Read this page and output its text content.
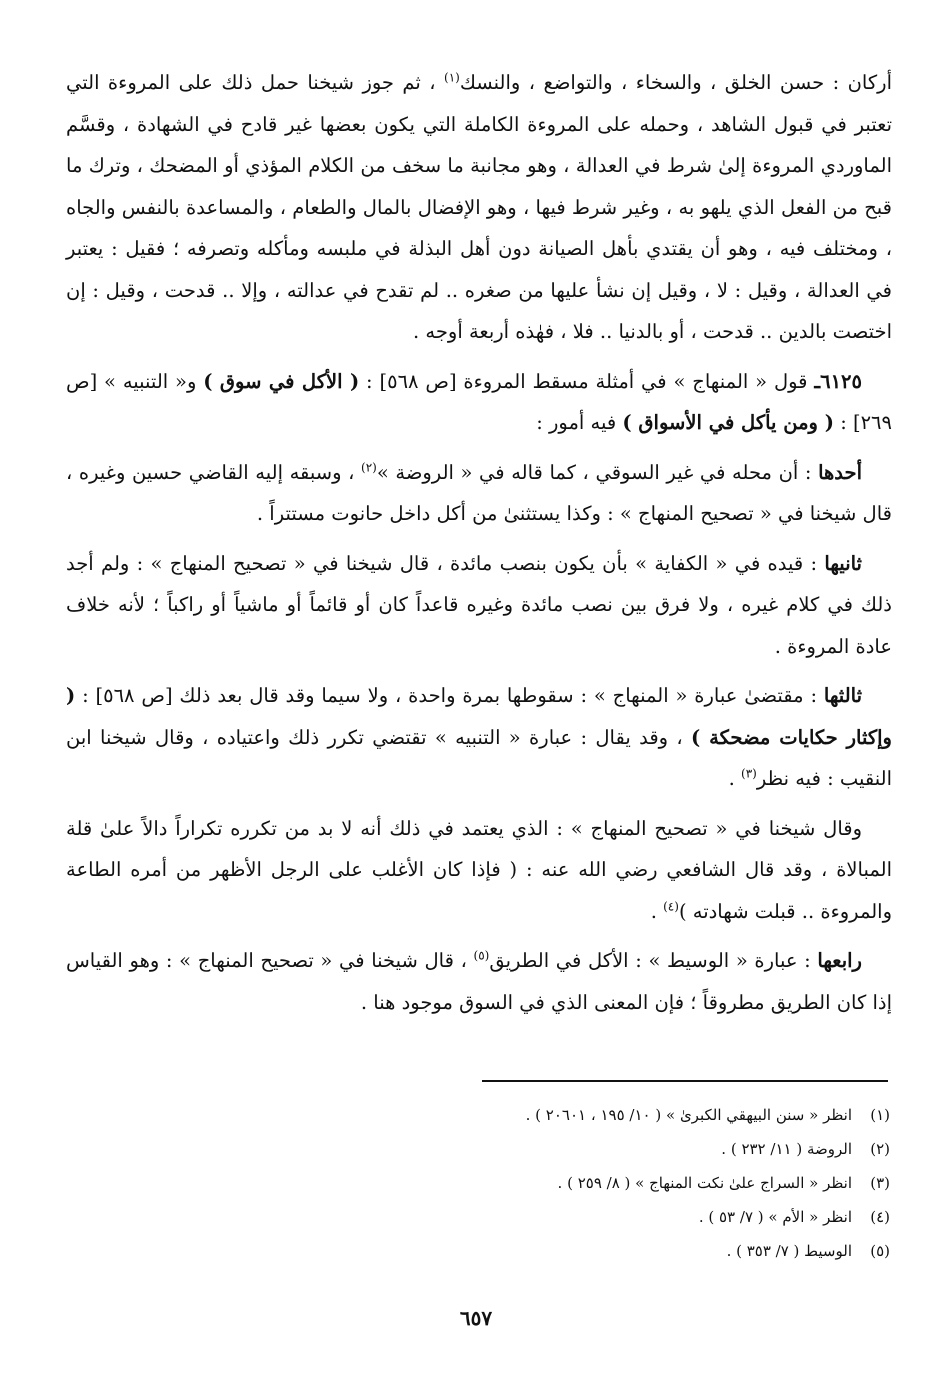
أركان : حسن الخلق ، والسخاء ، والتواضع ، والنسك$^{(١)}$ ، ثم جوز شيخنا حمل ذلك على المروءة التي تعتبر في قبول الشاهد ، وحمله على المروءة الكاملة التي يكون بعضها غير قادح في الشهادة ، وقسَّم الماوردي المروءة إلىٰ شرط في العدالة ، وهو مجانبة ما سخف من الكلام المؤذي أو المضحك ، وترك ما قبح من الفعل الذي يلهو به ، وغير شرط فيها ، وهو الإفضال بالمال والطعام ، والمساعدة بالنفس والجاه ، ومختلف فيه ، وهو أن يقتدي بأهل الصيانة دون أهل البذلة في ملبسه ومأكله وتصرفه ؛ فقيل : يعتبر في العدالة ، وقيل : لا ، وقيل إن نشأ عليها من صغره .. لم تقدح في عدالته ، وإلا .. قدحت ، وقيل : إن اختصت بالدين .. قدحت ، أو بالدنيا .. فلا ، فهٰذه أربعة أوجه .

٦١٢٥ـ قول « المنهاج » في أمثلة مسقط المروءة [ص ٥٦٨] : ( الأكل في سوق ) و« التنبيه » [ص ٢٦٩] : ( ومن يأكل في الأسواق ) فيه أمور :

أحدها : أن محله في غير السوقي ، كما قاله في « الروضة »$^{(٢)}$ ، وسبقه إليه القاضي حسين وغيره ، قال شيخنا في « تصحيح المنهاج » : وكذا يستثنىٰ من أكل داخل حانوت مستتراً .

ثانيها : قيده في « الكفاية » بأن يكون بنصب مائدة ، قال شيخنا في « تصحيح المنهاج » : ولم أجد ذلك في كلام غيره ، ولا فرق بين نصب مائدة وغيره قاعداً كان أو قائماً أو ماشياً أو راكباً ؛ لأنه خلاف عادة المروءة .

ثالثها : مقتضىٰ عبارة « المنهاج » : سقوطها بمرة واحدة ، ولا سيما وقد قال بعد ذلك [ص ٥٦٨] : ( وإكثار حكايات مضحكة ) ، وقد يقال : عبارة « التنبيه » تقتضي تكرر ذلك واعتياده ، وقال شيخنا ابن النقيب : فيه نظر$^{(٣)}$ .

وقال شيخنا في « تصحيح المنهاج » : الذي يعتمد في ذلك أنه لا بد من تكرره تكراراً دالاً علىٰ قلة المبالاة ، وقد قال الشافعي رضي الله عنه : ( فإذا كان الأغلب على الرجل الأظهر من أمره الطاعة والمروءة .. قبلت شهادته )$^{(٤)}$ .

رابعها : عبارة « الوسيط » : الأكل في الطريق$^{(٥)}$ ، قال شيخنا في « تصحيح المنهاج » : وهو القياس إذا كان الطريق مطروقاً ؛ فإن المعنى الذي في السوق موجود هنا .

(١)انظر « سنن البيهقي الكبرىٰ » ( ١٠/ ١٩٥ ، ٢٠٦٠١ ) .

(٢)الروضة ( ١١/ ٢٣٢ ) .

(٣)انظر « السراج علىٰ نكت المنهاج » ( ٨/ ٢٥٩ ) .

(٤)انظر « الأم » ( ٧/ ٥٣ ) .

(٥)الوسيط ( ٧/ ٣٥٣ ) .

٦٥٧
